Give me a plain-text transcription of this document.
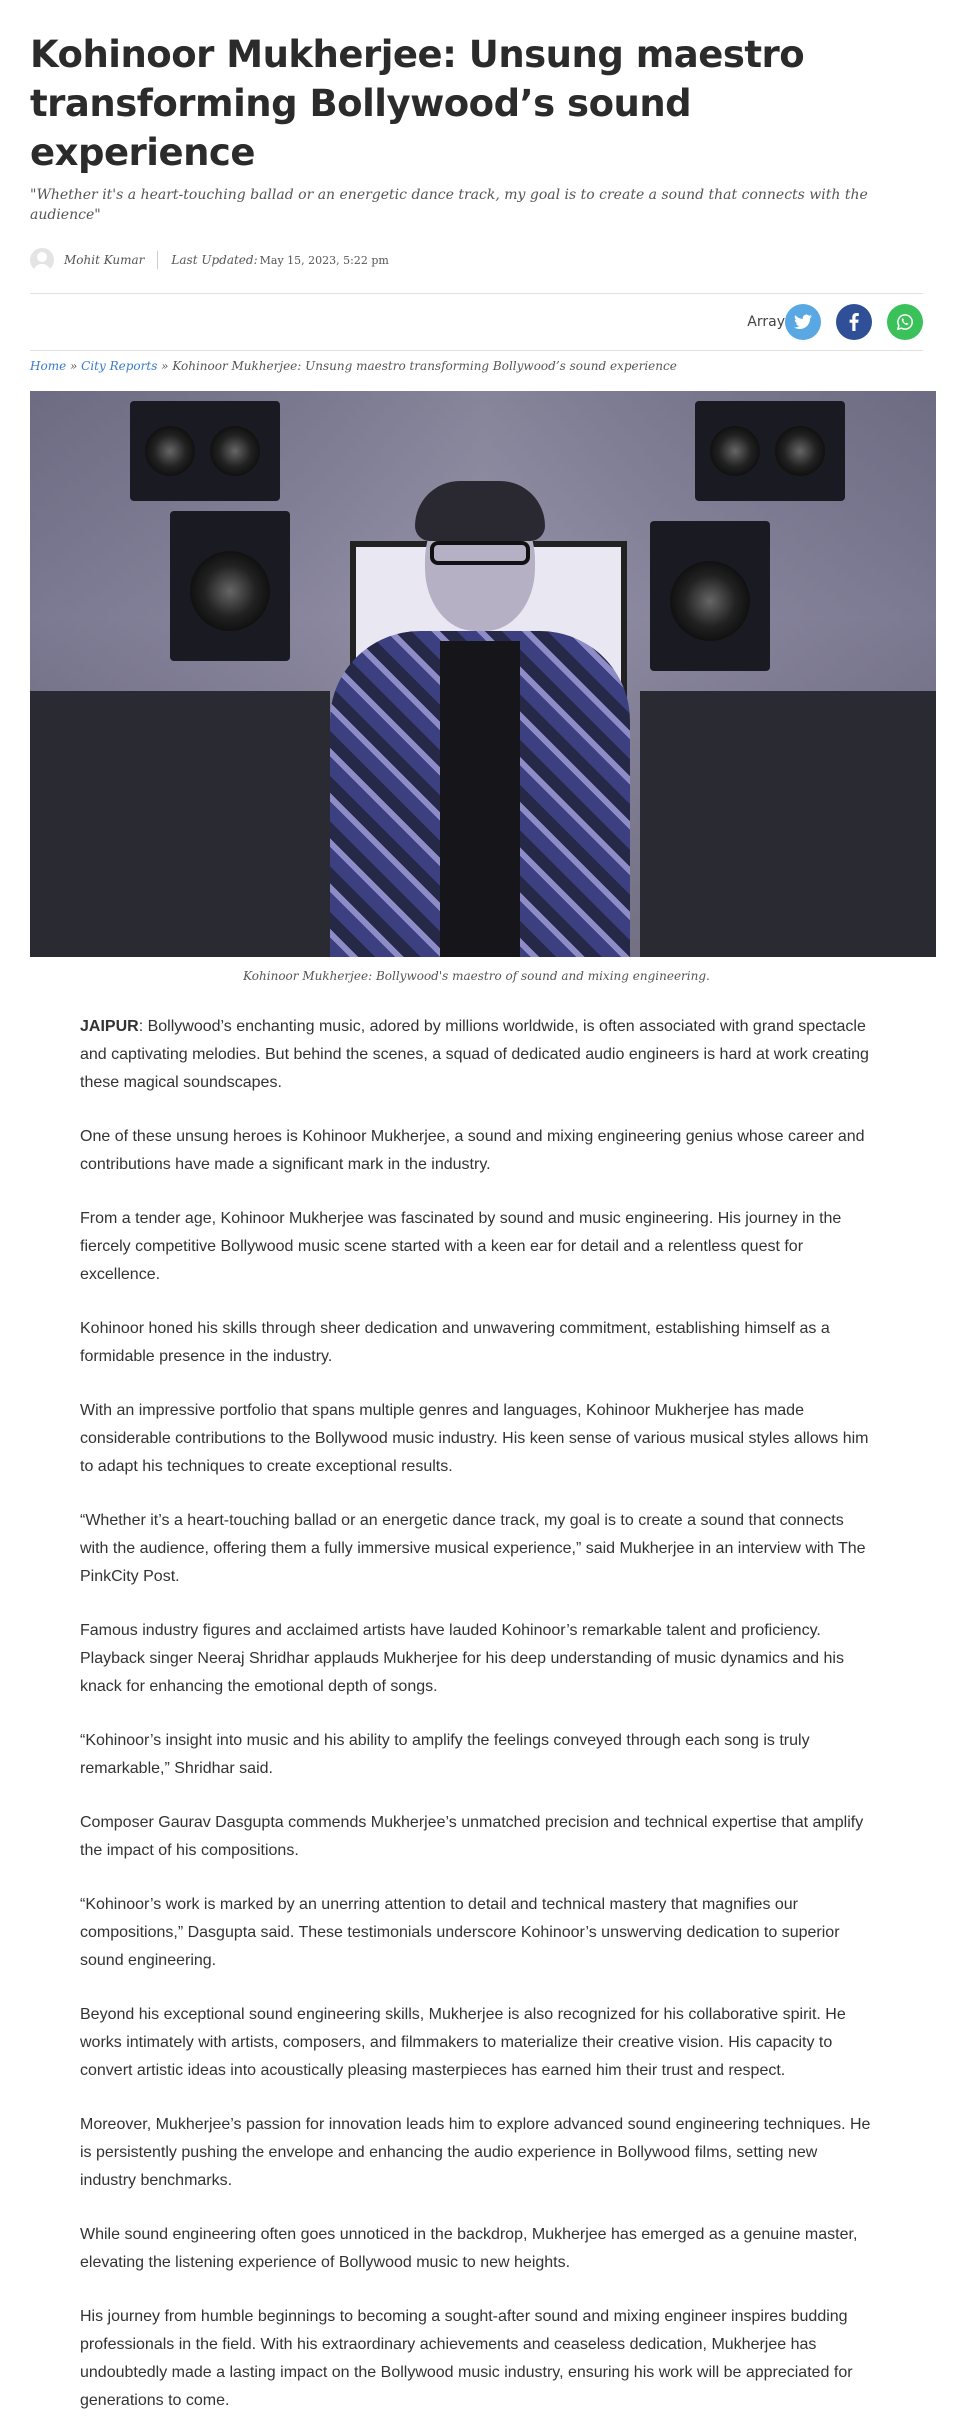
Kohinoor Mukherjee: Unsung maestro transforming Bollywood’s sound experience

"Whether it's a heart-touching ballad or an energetic dance track, my goal is to create a sound that connects with the audience"

Mohit Kumar Last Updated: May 15, 2023, 5:22 pm
Array
Home » City Reports » Kohinoor Mukherjee: Unsung maestro transforming Bollywood’s sound experience
Kohinoor Mukherjee: Bollywood's maestro of sound and mixing engineering.

JAIPUR: Bollywood’s enchanting music, adored by millions worldwide, is often associated with grand spectacle and captivating melodies. But behind the scenes, a squad of dedicated audio engineers is hard at work creating these magical soundscapes.

One of these unsung heroes is Kohinoor Mukherjee, a sound and mixing engineering genius whose career and contributions have made a significant mark in the industry.

From a tender age, Kohinoor Mukherjee was fascinated by sound and music engineering. His journey in the fiercely competitive Bollywood music scene started with a keen ear for detail and a relentless quest for excellence.

Kohinoor honed his skills through sheer dedication and unwavering commitment, establishing himself as a formidable presence in the industry.

With an impressive portfolio that spans multiple genres and languages, Kohinoor Mukherjee has made considerable contributions to the Bollywood music industry. His keen sense of various musical styles allows him to adapt his techniques to create exceptional results.

“Whether it’s a heart-touching ballad or an energetic dance track, my goal is to create a sound that connects with the audience, offering them a fully immersive musical experience,” said Mukherjee in an interview with The PinkCity Post.

Famous industry figures and acclaimed artists have lauded Kohinoor’s remarkable talent and proficiency. Playback singer Neeraj Shridhar applauds Mukherjee for his deep understanding of music dynamics and his knack for enhancing the emotional depth of songs.

“Kohinoor’s insight into music and his ability to amplify the feelings conveyed through each song is truly remarkable,” Shridhar said.

Composer Gaurav Dasgupta commends Mukherjee’s unmatched precision and technical expertise that amplify the impact of his compositions.

“Kohinoor’s work is marked by an unerring attention to detail and technical mastery that magnifies our compositions,” Dasgupta said. These testimonials underscore Kohinoor’s unswerving dedication to superior sound engineering.

Beyond his exceptional sound engineering skills, Mukherjee is also recognized for his collaborative spirit. He works intimately with artists, composers, and filmmakers to materialize their creative vision. His capacity to convert artistic ideas into acoustically pleasing masterpieces has earned him their trust and respect.

Moreover, Mukherjee’s passion for innovation leads him to explore advanced sound engineering techniques. He is persistently pushing the envelope and enhancing the audio experience in Bollywood films, setting new industry benchmarks.

While sound engineering often goes unnoticed in the backdrop, Mukherjee has emerged as a genuine master, elevating the listening experience of Bollywood music to new heights.

His journey from humble beginnings to becoming a sought-after sound and mixing engineer inspires budding professionals in the field. With his extraordinary achievements and ceaseless dedication, Mukherjee has undoubtedly made a lasting impact on the Bollywood music industry, ensuring his work will be appreciated for generations to come.
